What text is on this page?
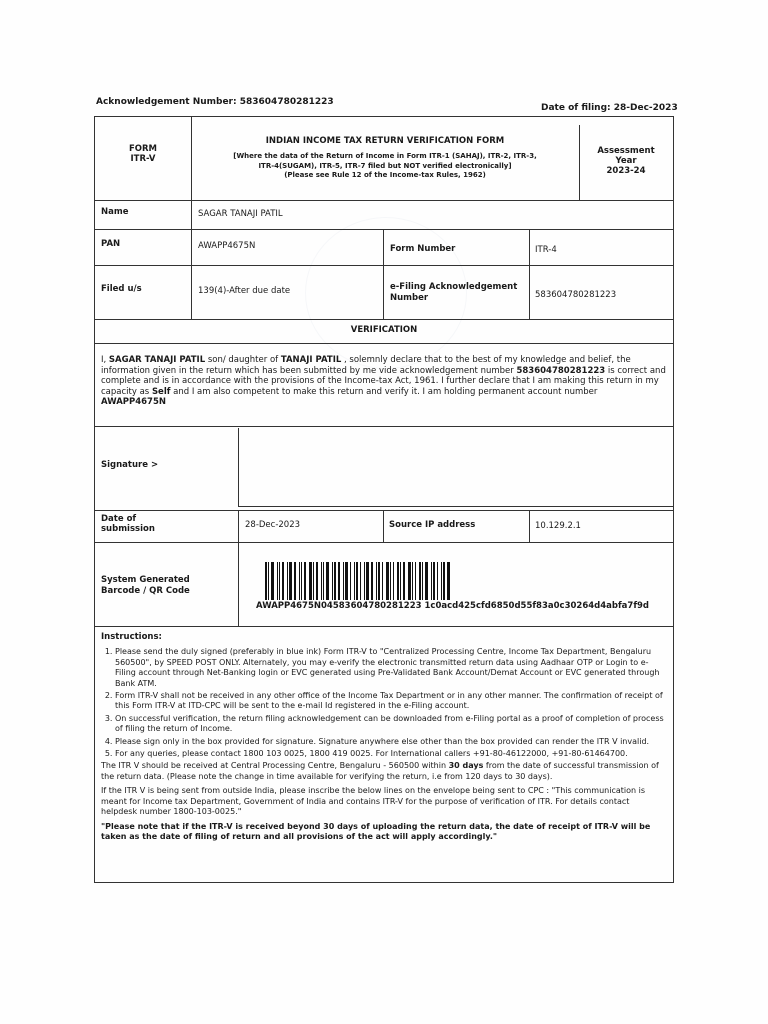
Acknowledgement Number: 583604780281223
Date of filing: 28-Dec-2023
FORM
ITR-V
INDIAN INCOME TAX RETURN VERIFICATION FORM
[Where the data of the Return of Income in Form ITR-1 (SAHAJ), ITR-2, ITR-3,
ITR-4(SUGAM), ITR-5, ITR-7 filed but NOT verified electronically]
(Please see Rule 12 of the Income-tax Rules, 1962)
Assessment
Year
2023-24
Name	SAGAR TANAJI PATIL
PAN	AWAPP4675N	Form Number	ITR-4
Filed u/s	139(4)-After due date	e-Filing Acknowledgement Number	583604780281223
VERIFICATION
I, SAGAR TANAJI PATIL son/ daughter of TANAJI PATIL , solemnly declare that to the best of my knowledge and belief, the information given in the return which has been submitted by me vide acknowledgement number 583604780281223 is correct and complete and is in accordance with the provisions of the Income-tax Act, 1961. I further declare that I am making this return in my capacity as Self and I am also competent to make this return and verify it. I am holding permanent account number
AWAPP4675N
Signature >
Date of submission	28-Dec-2023	Source IP address	10.129.2.1
System Generated Barcode / QR Code
AWAPP4675N04583604780281223 1c0acd425cfd6850d55f83a0c30264d4abfa7f9d
Instructions:
1. Please send the duly signed (preferably in blue ink) Form ITR-V to "Centralized Processing Centre, Income Tax Department, Bengaluru 560500", by SPEED POST ONLY. Alternately, you may e-verify the electronic transmitted return data using Aadhaar OTP or Login to e-Filing account through Net-Banking login or EVC generated using Pre-Validated Bank Account/Demat Account or EVC generated through Bank ATM.
2. Form ITR-V shall not be received in any other office of the Income Tax Department or in any other manner. The confirmation of receipt of this Form ITR-V at ITD-CPC will be sent to the e-mail Id registered in the e-Filing account.
3. On successful verification, the return filing acknowledgement can be downloaded from e-Filing portal as a proof of completion of process of filing the return of Income.
4. Please sign only in the box provided for signature. Signature anywhere else other than the box provided can render the ITR V invalid.
5. For any queries, please contact 1800 103 0025, 1800 419 0025. For International callers +91-80-46122000, +91-80-61464700.
The ITR V should be received at Central Processing Centre, Bengaluru - 560500 within 30 days from the date of successful transmission of the return data. (Please note the change in time available for verifying the return, i.e from 120 days to 30 days).
If the ITR V is being sent from outside India, please inscribe the below lines on the envelope being sent to CPC : "This communication is meant for Income tax Department, Government of India and contains ITR-V for the purpose of verification of ITR. For details contact helpdesk number 1800-103-0025."
"Please note that if the ITR-V is received beyond 30 days of uploading the return data, the date of receipt of ITR-V will be taken as the date of filing of return and all provisions of the act will apply accordingly."
